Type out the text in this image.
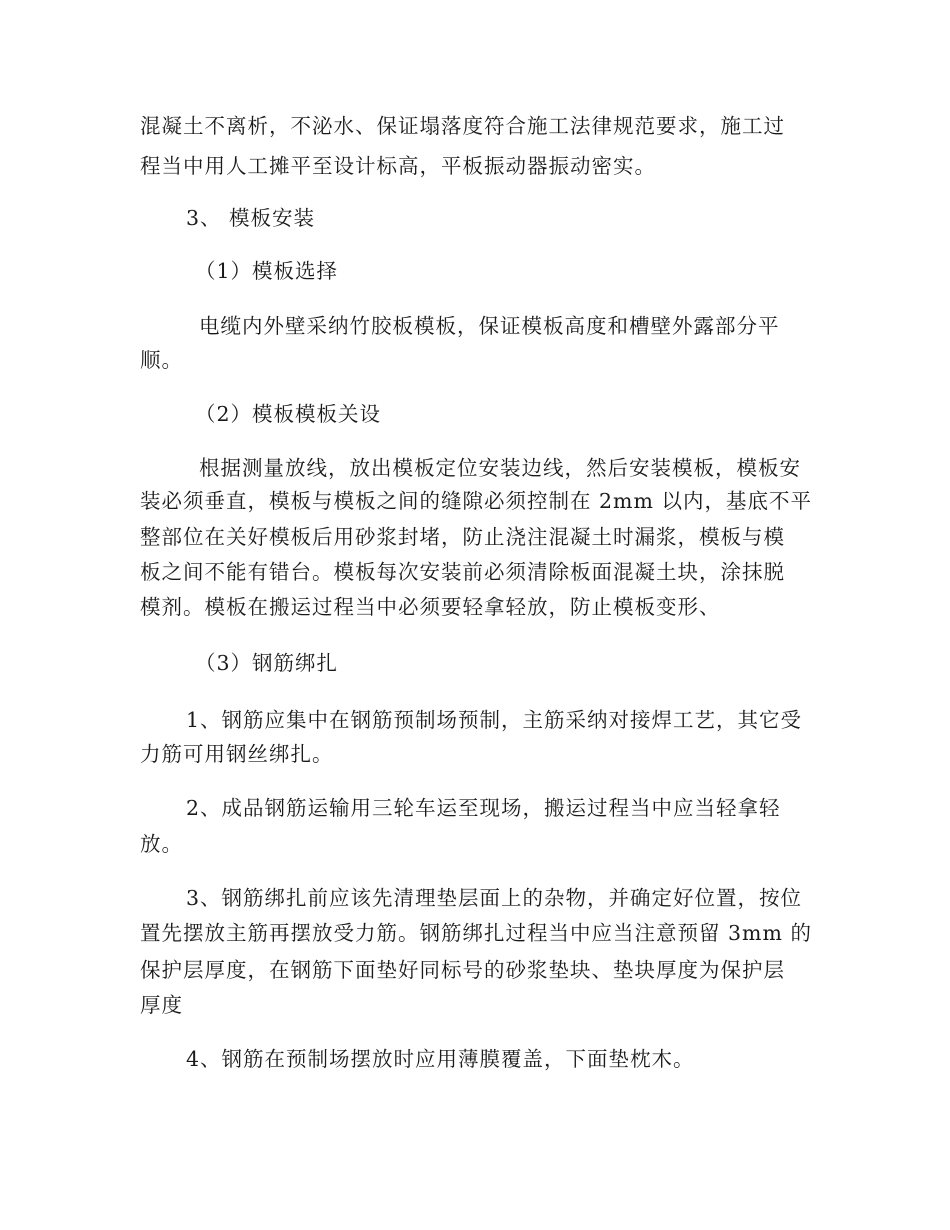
混凝土不离析，不泌水、保证塌落度符合施工法律规范要求，施工过
程当中用人工摊平至设计标高，平板振动器振动密实。
3、 模板安装
（1）模板选择
电缆内外壁采纳竹胶板模板，保证模板高度和槽壁外露部分平
顺。
（2）模板模板关设
根据测量放线，放出模板定位安装边线，然后安装模板，模板安
装必须垂直，模板与模板之间的缝隙必须控制在 2mm 以内，基底不平
整部位在关好模板后用砂浆封堵，防止浇注混凝土时漏浆，模板与模
板之间不能有错台。模板每次安装前必须清除板面混凝土块，涂抹脱
模剂。模板在搬运过程当中必须要轻拿轻放，防止模板变形、
（3）钢筋绑扎
1、钢筋应集中在钢筋预制场预制，主筋采纳对接焊工艺，其它受
力筋可用钢丝绑扎。
2、成品钢筋运输用三轮车运至现场，搬运过程当中应当轻拿轻
放。
3、钢筋绑扎前应该先清理垫层面上的杂物，并确定好位置，按位
置先摆放主筋再摆放受力筋。钢筋绑扎过程当中应当注意预留 3mm 的
保护层厚度，在钢筋下面垫好同标号的砂浆垫块、垫块厚度为保护层
厚度
4、钢筋在预制场摆放时应用薄膜覆盖，下面垫枕木。
